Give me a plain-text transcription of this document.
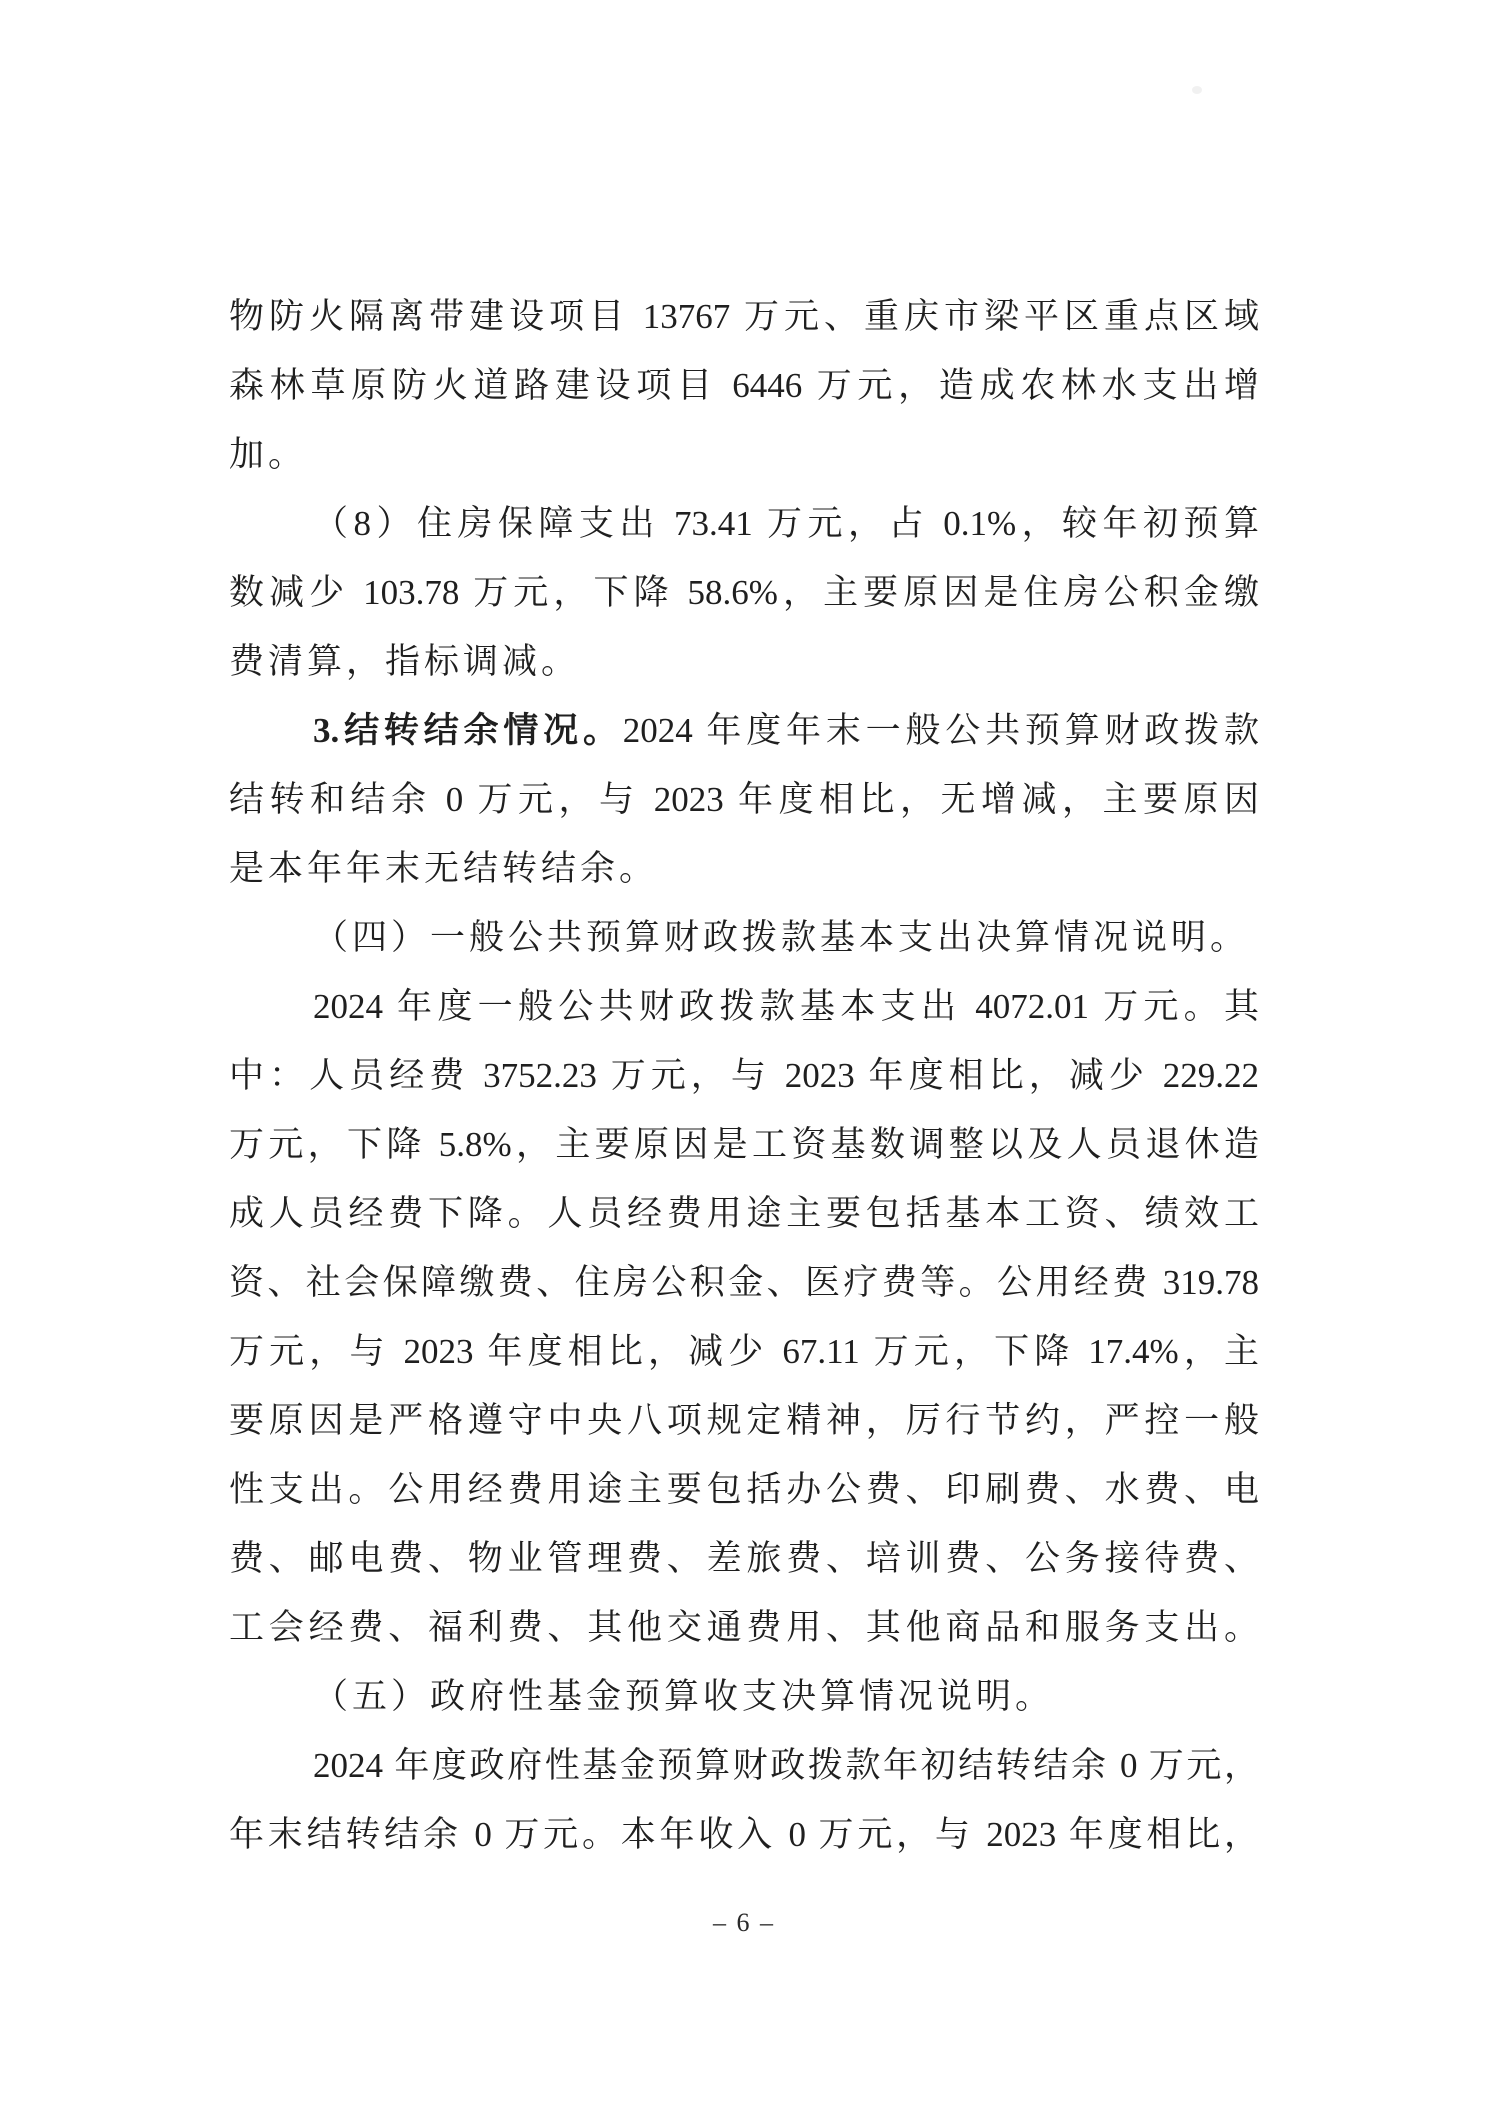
物防火隔离带建设项目 13767 万元、重庆市梁平区重点区域
森林草原防火道路建设项目 6446 万元，造成农林水支出增
加。
（8）住房保障支出 73.41 万元，占 0.1%，较年初预算
数减少 103.78 万元，下降 58.6%，主要原因是住房公积金缴
费清算，指标调减。
3.结转结余情况。2024 年度年末一般公共预算财政拨款
结转和结余 0 万元，与 2023 年度相比，无增减，主要原因
是本年年末无结转结余。
（四）一般公共预算财政拨款基本支出决算情况说明。
2024 年度一般公共财政拨款基本支出 4072.01 万元。其
中：人员经费 3752.23 万元，与 2023 年度相比，减少 229.22
万元，下降 5.8%，主要原因是工资基数调整以及人员退休造
成人员经费下降。人员经费用途主要包括基本工资、绩效工
资、社会保障缴费、住房公积金、医疗费等。公用经费 319.78
万元，与 2023 年度相比，减少 67.11 万元，下降 17.4%，主
要原因是严格遵守中央八项规定精神，厉行节约，严控一般
性支出。公用经费用途主要包括办公费、印刷费、水费、电
费、邮电费、物业管理费、差旅费、培训费、公务接待费、
工会经费、福利费、其他交通费用、其他商品和服务支出。
（五）政府性基金预算收支决算情况说明。
2024 年度政府性基金预算财政拨款年初结转结余 0 万元，
年末结转结余 0 万元。本年收入 0 万元，与 2023 年度相比，
– 6 –
